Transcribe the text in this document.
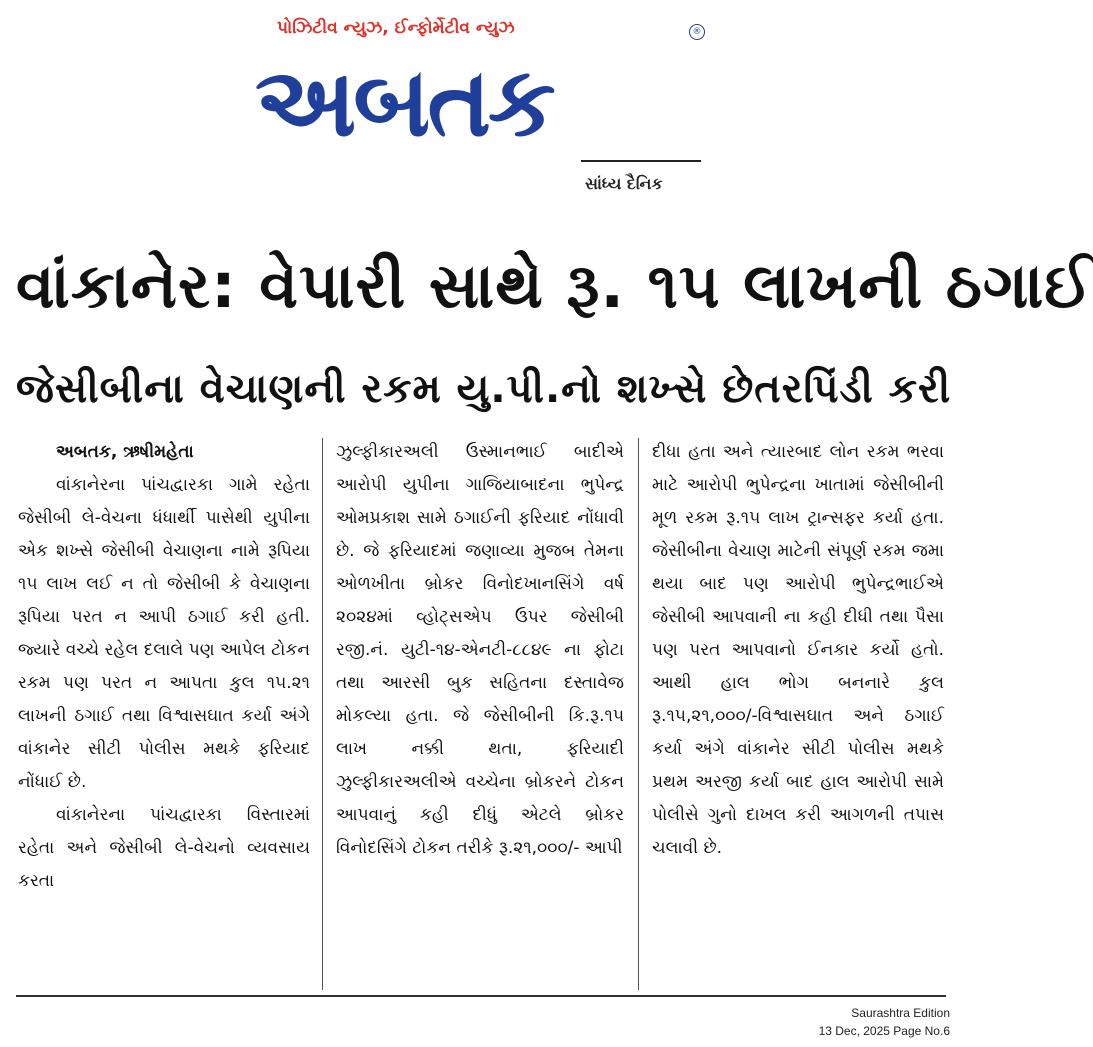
પોઝિટીવ ન્યુઝ, ઈન્ફોર્મેટીવ ન્યુઝ	®
અબતક
સાંધ્ય દૈનિક
વાંકાનેર: વેપારી સાથે રૂ. ૧૫ લાખની ઠગાઈ
જેસીબીના વેચાણની રકમ યુ.પી.નો શખ્સે છેતરપિંડી કરી

અબતક, ઋષીમહેતા

વાંકાનેરના પાંચદ્વારકા ગામે રહેતા જેસીબી લે-વેચના ધંધાર્થી પાસેથી યુપીના એક શખ્સે જેસીબી વેચાણના નામે રૂપિયા ૧૫ લાખ લઈ ન તો જેસીબી કે વેચાણના રૂપિયા પરત ન આપી ઠગાઈ કરી હતી. જ્યારે વચ્ચે રહેલ દલાલે પણ આપેલ ટોકન રકમ પણ પરત ન આપતા કુલ ૧૫.૨૧ લાખની ઠગાઈ તથા વિશ્વાસઘાત કર્યા અંગે વાંકાનેર સીટી પોલીસ મથકે ફરિયાદ નોંધાઈ છે.

વાંકાનેરના પાંચદ્વારકા વિસ્તારમાં રહેતા અને જેસીબી લે-વેચનો વ્યવસાય કરતા

ઝુલ્ફીકારઅલી ઉસ્માનભાઈ બાદીએ આરોપી યુપીના ગાજિયાબાદના ભુપેન્દ્ર ઓમપ્રકાશ સામે ઠગાઈની ફરિયાદ નોંધાવી છે. જે ફરિયાદમાં જણાવ્યા મુજબ તેમના ઓળખીતા બ્રોકર વિનોદખાનસિંગે વર્ષ ૨૦૨૪માં વ્હોટ્સએપ ઉપર જેસીબી રજી.નં. યુટી-૧૪-એનટી-૮૮૪૯ ના ફોટા તથા આરસી બુક સહિતના દસ્તાવેજ મોકલ્યા હતા. જે જેસીબીની કિ.રૂ.૧૫ લાખ નક્કી થતા, ફરિયાદી ઝુલ્ફીકારઅલીએ વચ્ચેના બ્રોકરને ટોકન આપવાનું કહી દીધું એટલે બ્રોકર વિનોદસિંગે ટોકન તરીકે રૂ.૨૧,૦૦૦/- આપી

દીધા હતા અને ત્યારબાદ લોન રકમ ભરવા માટે આરોપી ભુપેન્દ્રના ખાતામાં જેસીબીની મૂળ રકમ રૂ.૧૫ લાખ ટ્રાન્સફર કર્યા હતા. જેસીબીના વેચાણ માટેની સંપૂર્ણ રકમ જમા થયા બાદ પણ આરોપી ભુપેન્દ્રભાઈએ જેસીબી આપવાની ના કહી દીધી તથા પૈસા પણ પરત આપવાનો ઈનકાર કર્યો હતો. આથી હાલ ભોગ બનનારે કુલ રૂ.૧૫,૨૧,૦૦૦/-વિશ્વાસઘાત અને ઠગાઈ કર્યા અંગે વાંકાનેર સીટી પોલીસ મથકે પ્રથમ અરજી કર્યા બાદ હાલ આરોપી સામે પોલીસે ગુનો દાખલ કરી આગળની તપાસ ચલાવી છે.

Saurashtra Edition
13 Dec, 2025 Page No.6
